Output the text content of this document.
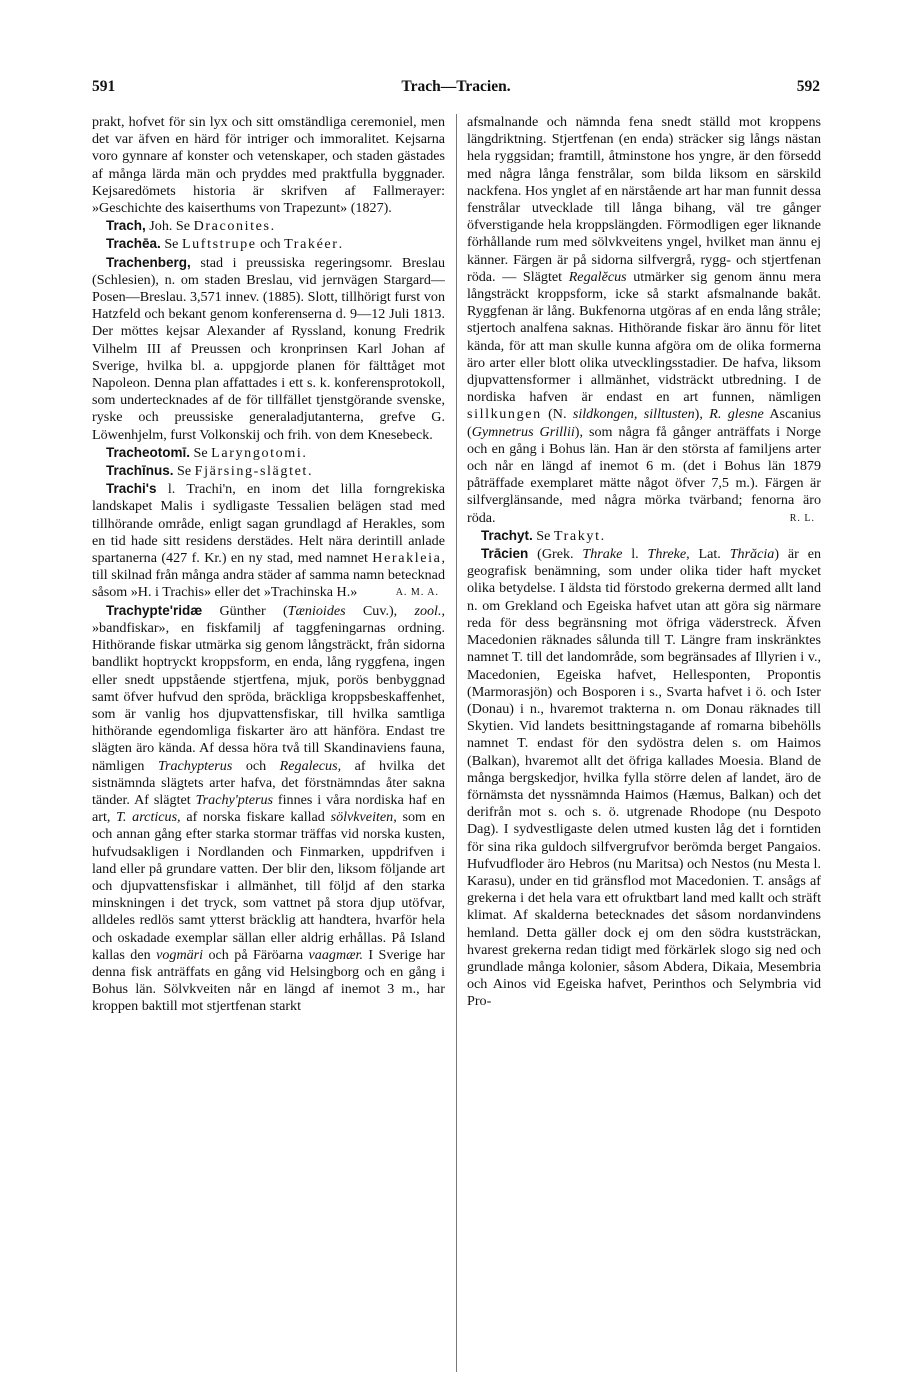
591	Trach—Tracien.	592

prakt, hofvet för sin lyx och sitt omständliga ceremoniel, men det var äfven en härd för intriger och immoralitet. Kejsarna voro gynnare af konster och vetenskaper, och staden gästades af många lärda män och pryddes med praktfulla byggnader. Kejsaredömets historia är skrifven af Fallmerayer: »Geschichte des kaiserthums von Trapezunt» (1827).

Trach, Joh. Se Draconites.

Trachēa. Se Luftstrupe och Trakéer.

Trachenberg, stad i preussiska regeringsomr. Breslau (Schlesien), n. om staden Breslau, vid jernvägen Stargard—Posen—Breslau. 3,571 innev. (1885). Slott, tillhörigt furst von Hatzfeld och bekant genom konferenserna d. 9—12 Juli 1813. Der möttes kejsar Alexander af Ryssland, konung Fredrik Vilhelm III af Preussen och kronprinsen Karl Johan af Sverige, hvilka bl. a. uppgjorde planen för fälttåget mot Napoleon. Denna plan affattades i ett s. k. konferensprotokoll, som undertecknades af de för tillfället tjenstgörande svenske, ryske och preussiske generaladjutanterna, grefve G. Löwenhjelm, furst Volkonskij och frih. von dem Knesebeck.

Tracheotomī. Se Laryngotomi.

Trachīnus. Se Fjärsing-slägtet.

Trachi's l. Trachi'n, en inom det lilla forngrekiska landskapet Malis i sydligaste Tessalien belägen stad med tillhörande område, enligt sagan grundlagd af Herakles, som en tid hade sitt residens derstädes. Helt nära derintill anlade spartanerna (427 f. Kr.) en ny stad, med namnet Herakleia, till skilnad från många andra städer af samma namn betecknad såsom »H. i Trachis» eller det »Trachinska H.»	A. M. A.

Trachypte'ridæ Günther (Tænioides Cuv.), zool., »bandfiskar», en fiskfamilj af taggfeningarnas ordning. Hithörande fiskar utmärka sig genom långsträckt, från sidorna bandlikt hoptryckt kroppsform, en enda, lång ryggfena, ingen eller snedt uppstående stjertfena, mjuk, porös benbyggnad samt öfver hufvud den spröda, bräckliga kroppsbeskaffenhet, som är vanlig hos djupvattensfiskar, till hvilka samtliga hithörande egendomliga fiskarter äro att hänföra. Endast tre slägten äro kända. Af dessa höra två till Skandinaviens fauna, nämligen Trachypterus och Regalecus, af hvilka det sistnämnda slägtets arter hafva, det förstnämndas åter sakna tänder. Af slägtet Trachy'pterus finnes i våra nordiska haf en art, T. arcticus, af norska fiskare kallad sölvkveiten, som en och annan gång efter starka stormar träffas vid norska kusten, hufvudsakligen i Nordlanden och Finmarken, uppdrifven i land eller på grundare vatten. Der blir den, liksom följande art och djupvattensfiskar i allmänhet, till följd af den starka minskningen i det tryck, som vattnet på stora djup utöfvar, alldeles redlös samt ytterst bräcklig att handtera, hvarför hela och oskadade exemplar sällan eller aldrig erhållas. På Island kallas den vogmäri och på Färöarna vaagmær. I Sverige har denna fisk anträffats en gång vid Helsingborg och en gång i Bohus län. Sölvkveiten når en längd af inemot 3 m., har kroppen baktill mot stjertfenan starkt

afsmalnande och nämnda fena snedt ställd mot kroppens längdriktning. Stjertfenan (en enda) sträcker sig långs nästan hela ryggsidan; framtill, åtminstone hos yngre, är den försedd med några långa fenstrålar, som bilda liksom en särskild nackfena. Hos ynglet af en närstående art har man funnit dessa fenstrålar utvecklade till långa bihang, väl tre gånger öfverstigande hela kroppslängden. Förmodligen eger liknande förhållande rum med sölvkveitens yngel, hvilket man ännu ej känner. Färgen är på sidorna silfvergrå, rygg- och stjertfenan röda. — Slägtet Regalĕcus utmärker sig genom ännu mera långsträckt kroppsform, icke så starkt afsmalnande bakåt. Ryggfenan är lång. Bukfenorna utgöras af en enda lång stråle; stjertoch analfena saknas. Hithörande fiskar äro ännu för litet kända, för att man skulle kunna afgöra om de olika formerna äro arter eller blott olika utvecklingsstadier. De hafva, liksom djupvattensformer i allmänhet, vidsträckt utbredning. I de nordiska hafven är endast en art funnen, nämligen sillkungen (N. sildkongen, silltusten), R. glesne Ascanius (Gymnetrus Grillii), som några få gånger anträffats i Norge och en gång i Bohus län. Han är den största af familjens arter och når en längd af inemot 6 m. (det i Bohus län 1879 påträffade exemplaret mätte något öfver 7,5 m.). Färgen är silfverglänsande, med några mörka tvärband; fenorna äro röda.	R. L.

Trachyt. Se Trakyt.

Trācien (Grek. Thrake l. Threke, Lat. Thrăcia) är en geografisk benämning, som under olika tider haft mycket olika betydelse. I äldsta tid förstodo grekerna dermed allt land n. om Grekland och Egeiska hafvet utan att göra sig närmare reda för dess begränsning mot öfriga väderstreck. Äfven Macedonien räknades sålunda till T. Längre fram inskränktes namnet T. till det landområde, som begränsades af Illyrien i v., Macedonien, Egeiska hafvet, Hellesponten, Propontis (Marmorasjön) och Bosporen i s., Svarta hafvet i ö. och Ister (Donau) i n., hvaremot trakterna n. om Donau räknades till Skytien. Vid landets besittningstagande af romarna bibehölls namnet T. endast för den sydöstra delen s. om Haimos (Balkan), hvaremot allt det öfriga kallades Moesia. Bland de många bergskedjor, hvilka fylla större delen af landet, äro de förnämsta det nyssnämnda Haimos (Hæmus, Balkan) och det derifrån mot s. och s. ö. utgrenade Rhodope (nu Despoto Dag). I sydvestligaste delen utmed kusten låg det i forntiden för sina rika guldoch silfvergrufvor berömda berget Pangaios. Hufvudfloder äro Hebros (nu Maritsa) och Nestos (nu Mesta l. Karasu), under en tid gränsflod mot Macedonien. T. ansågs af grekerna i det hela vara ett ofruktbart land med kallt och sträft klimat. Af skalderna betecknades det såsom nordanvindens hemland. Detta gäller dock ej om den södra kuststräckan, hvarest grekerna redan tidigt med förkärlek slogo sig ned och grundlade många kolonier, såsom Abdera, Dikaia, Mesembria och Ainos vid Egeiska hafvet, Perinthos och Selymbria vid Pro-
